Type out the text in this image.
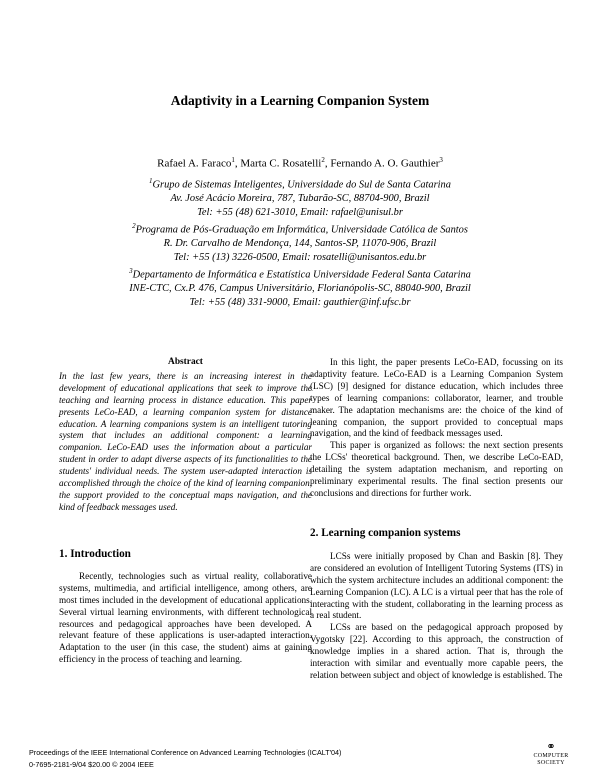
Adaptivity in a Learning Companion System
Rafael A. Faraco$^1$, Marta C. Rosatelli$^2$, Fernando A. O. Gauthier$^3$
$^1$Grupo de Sistemas Inteligentes, Universidade do Sul de Santa Catarina
Av. José Acácio Moreira, 787, Tubarão-SC, 88704-900, Brazil
Tel: +55 (48) 621-3010, Email: rafael@unisul.br
$^2$Programa de Pós-Graduação em Informática, Universidade Católica de Santos
R. Dr. Carvalho de Mendonça, 144, Santos-SP, 11070-906, Brazil
Tel: +55 (13) 3226-0500, Email: rosatelli@unisantos.edu.br
$^3$Departamento de Informática e Estatística Universidade Federal Santa Catarina
INE-CTC, Cx.P. 476, Campus Universitário, Florianópolis-SC, 88040-900, Brazil
Tel: +55 (48) 331-9000, Email: gauthier@inf.ufsc.br
Abstract
In the last few years, there is an increasing interest in the development of educational applications that seek to improve the teaching and learning process in distance education. This paper presents LeCo-EAD, a learning companion system for distance education. A learning companions system is an intelligent tutoring system that includes an additional component: a learning companion. LeCo-EAD uses the information about a particular student in order to adapt diverse aspects of its functionalities to the students' individual needs. The system user-adapted interaction is accomplished through the choice of the kind of learning companion, the support provided to the conceptual maps navigation, and the kind of feedback messages used.
1. Introduction
Recently, technologies such as virtual reality, collaborative systems, multimedia, and artificial intelligence, among others, are most times included in the development of educational applications. Several virtual learning environments, with different technological resources and pedagogical approaches have been developed. A relevant feature of these applications is user-adapted interaction. Adaptation to the user (in this case, the student) aims at gaining efficiency in the process of teaching and learning.
In this light, the paper presents LeCo-EAD, focussing on its adaptivity feature. LeCo-EAD is a Learning Companion System (LSC) [9] designed for distance education, which includes three types of learning companions: collaborator, learner, and trouble maker. The adaptation mechanisms are: the choice of the kind of leaning companion, the support provided to conceptual maps navigation, and the kind of feedback messages used.
This paper is organized as follows: the next section presents the LCSs' theoretical background. Then, we describe LeCo-EAD, detailing the system adaptation mechanism, and reporting on preliminary experimental results. The final section presents our conclusions and directions for further work.
2. Learning companion systems
LCSs were initially proposed by Chan and Baskin [8]. They are considered an evolution of Intelligent Tutoring Systems (ITS) in which the system architecture includes an additional component: the Learning Companion (LC). A LC is a virtual peer that has the role of interacting with the student, collaborating in the learning process as a real student.
LCSs are based on the pedagogical approach proposed by Vygotsky [22]. According to this approach, the construction of knowledge implies in a shared action. That is, through the interaction with similar and eventually more capable peers, the relation between subject and object of knowledge is established. The
Proceedings of the IEEE International Conference on Advanced Learning Technologies (ICALT'04)
0-7695-2181-9/04 $20.00 © 2004 IEEE
⚭
COMPUTER
SOCIETY
